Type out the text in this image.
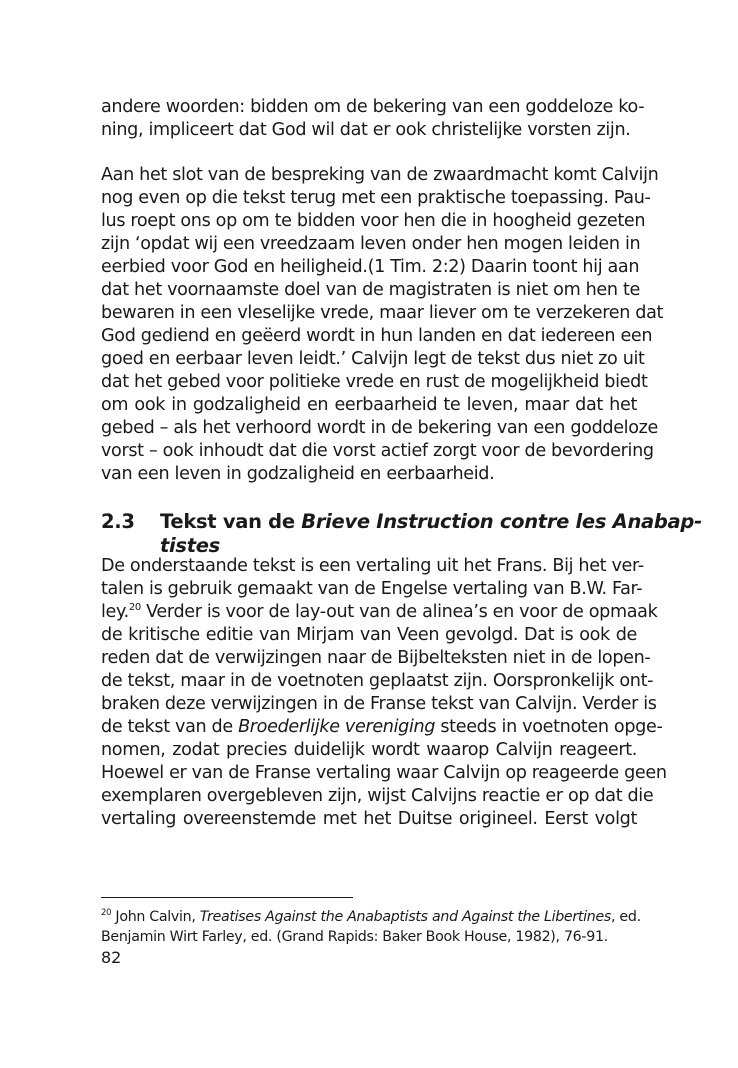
andere woorden: bidden om de bekering van een goddeloze ko-
ning, impliceert dat God wil dat er ook christelijke vorsten zijn.
Aan het slot van de bespreking van de zwaardmacht komt Calvijn
nog even op die tekst terug met een praktische toepassing. Pau-
lus roept ons op om te bidden voor hen die in hoogheid gezeten
zijn ‘opdat wij een vreedzaam leven onder hen mogen leiden in
eerbied voor God en heiligheid.(1 Tim. 2:2) Daarin toont hij aan
dat het voornaamste doel van de magistraten is niet om hen te
bewaren in een vleselijke vrede, maar liever om te verzekeren dat
God gediend en geëerd wordt in hun landen en dat iedereen een
goed en eerbaar leven leidt.’ Calvijn legt de tekst dus niet zo uit
dat het gebed voor politieke vrede en rust de mogelijkheid biedt
om ook in godzaligheid en eerbaarheid te leven, maar dat het
gebed – als het verhoord wordt in de bekering van een goddeloze
vorst – ook inhoudt dat die vorst actief zorgt voor de bevordering
van een leven in godzaligheid en eerbaarheid.
2.3 Tekst van de Brieve Instruction contre les Anabap-
tistes
De onderstaande tekst is een vertaling uit het Frans. Bij het ver-
talen is gebruik gemaakt van de Engelse vertaling van B.W. Far-
ley.$^{20}$ Verder is voor de lay-out van de alinea’s en voor de opmaak
de kritische editie van Mirjam van Veen gevolgd. Dat is ook de
reden dat de verwijzingen naar de Bijbelteksten niet in de lopen-
de tekst, maar in de voetnoten geplaatst zijn. Oorspronkelijk ont-
braken deze verwijzingen in de Franse tekst van Calvijn. Verder is
de tekst van de Broederlijke vereniging steeds in voetnoten opge-
nomen, zodat precies duidelijk wordt waarop Calvijn reageert.
Hoewel er van de Franse vertaling waar Calvijn op reageerde geen
exemplaren overgebleven zijn, wijst Calvijns reactie er op dat die
vertaling overeenstemde met het Duitse origineel. Eerst volgt
$^{20}$ John Calvin, Treatises Against the Anabaptists and Against the Libertines, ed.
Benjamin Wirt Farley, ed. (Grand Rapids: Baker Book House, 1982), 76-91.
82
